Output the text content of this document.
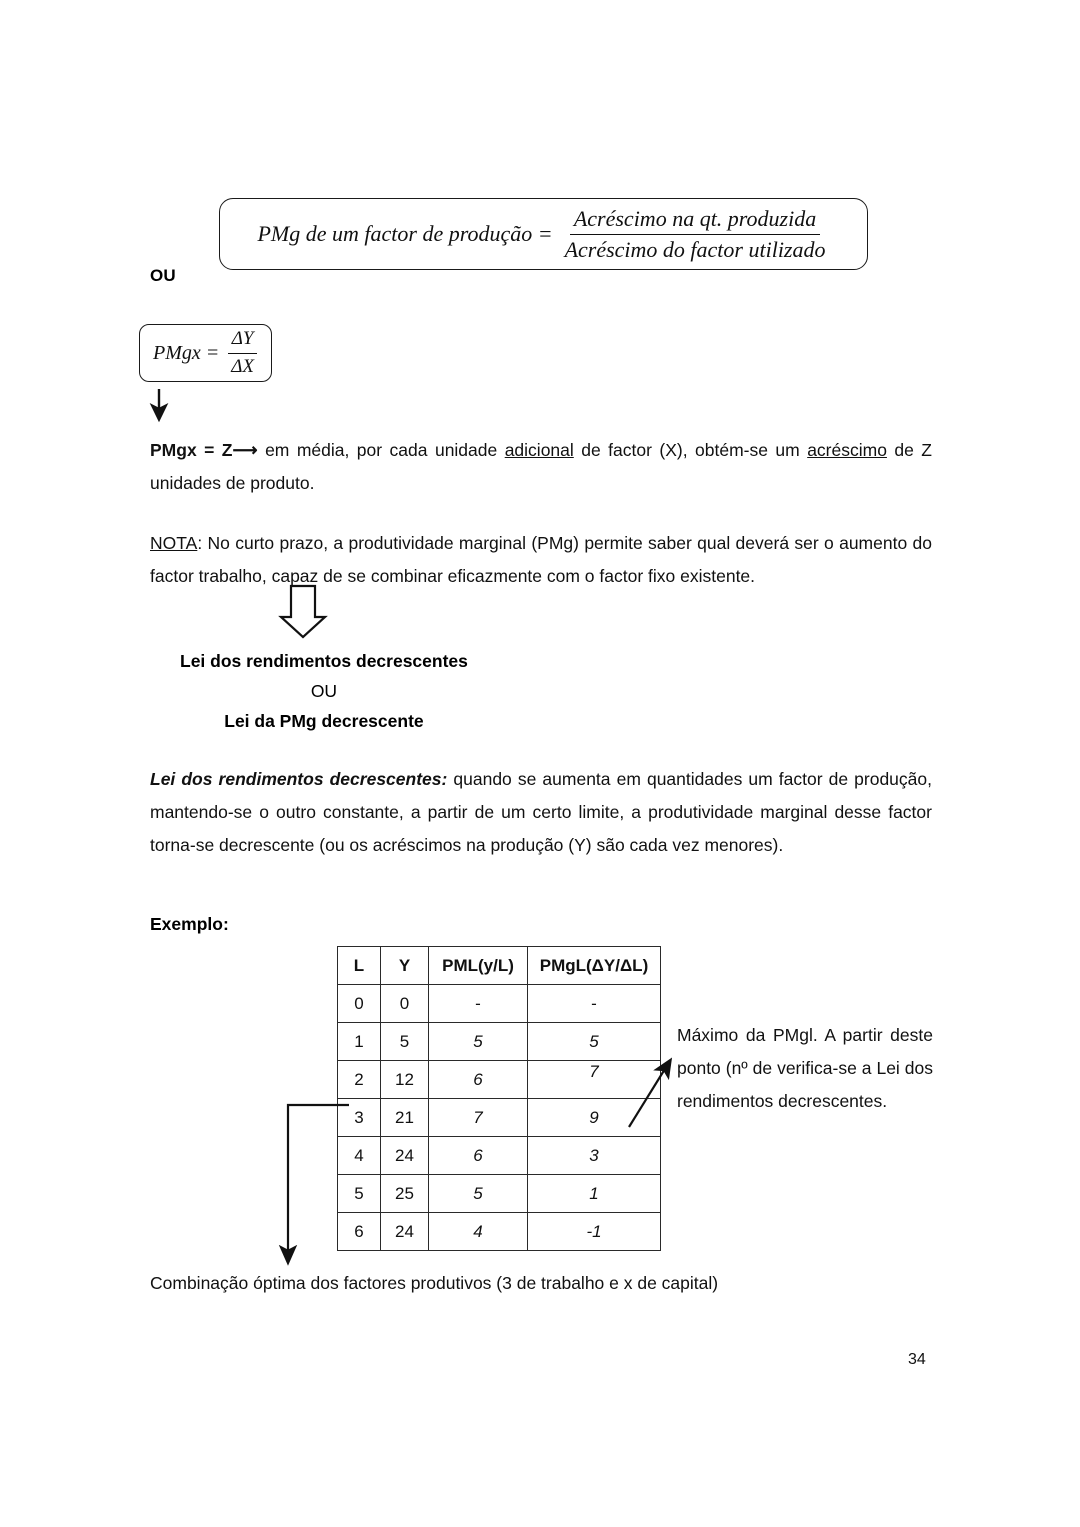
PMg de um factor de produção = $\frac{\text{Acréscimo na qt. produzida}}{\text{Acréscimo do factor utilizado}}$
OU
PMgx = $\frac{\Delta Y}{\Delta X}$
PMgx = Z⟶ em média, por cada unidade adicional de factor (X), obtém-se um acréscimo de Z unidades de produto.
NOTA: No curto prazo, a produtividade marginal (PMg) permite saber qual deverá ser o aumento do factor trabalho, capaz de se combinar eficazmente com o factor fixo existente.
Lei dos rendimentos decrescentes
OU
Lei da PMg decrescente
Lei dos rendimentos decrescentes: quando se aumenta em quantidades um factor de produção, mantendo-se o outro constante, a partir de um certo limite, a produtividade marginal desse factor torna-se decrescente (ou os acréscimos na produção (Y) são cada vez menores).
Exemplo:
L	Y	PML(y/L)	PMgL(ΔY/ΔL)
0	0	-	-
1	5	5	5
2	12	6	7
3	21	7	9
4	24	6	3
5	25	5	1
6	24	4	-1
Máximo da PMgl. A partir deste ponto (nº de verifica-se a Lei dos rendimentos decrescentes.
Combinação óptima dos factores produtivos (3 de trabalho e x de capital)
34
